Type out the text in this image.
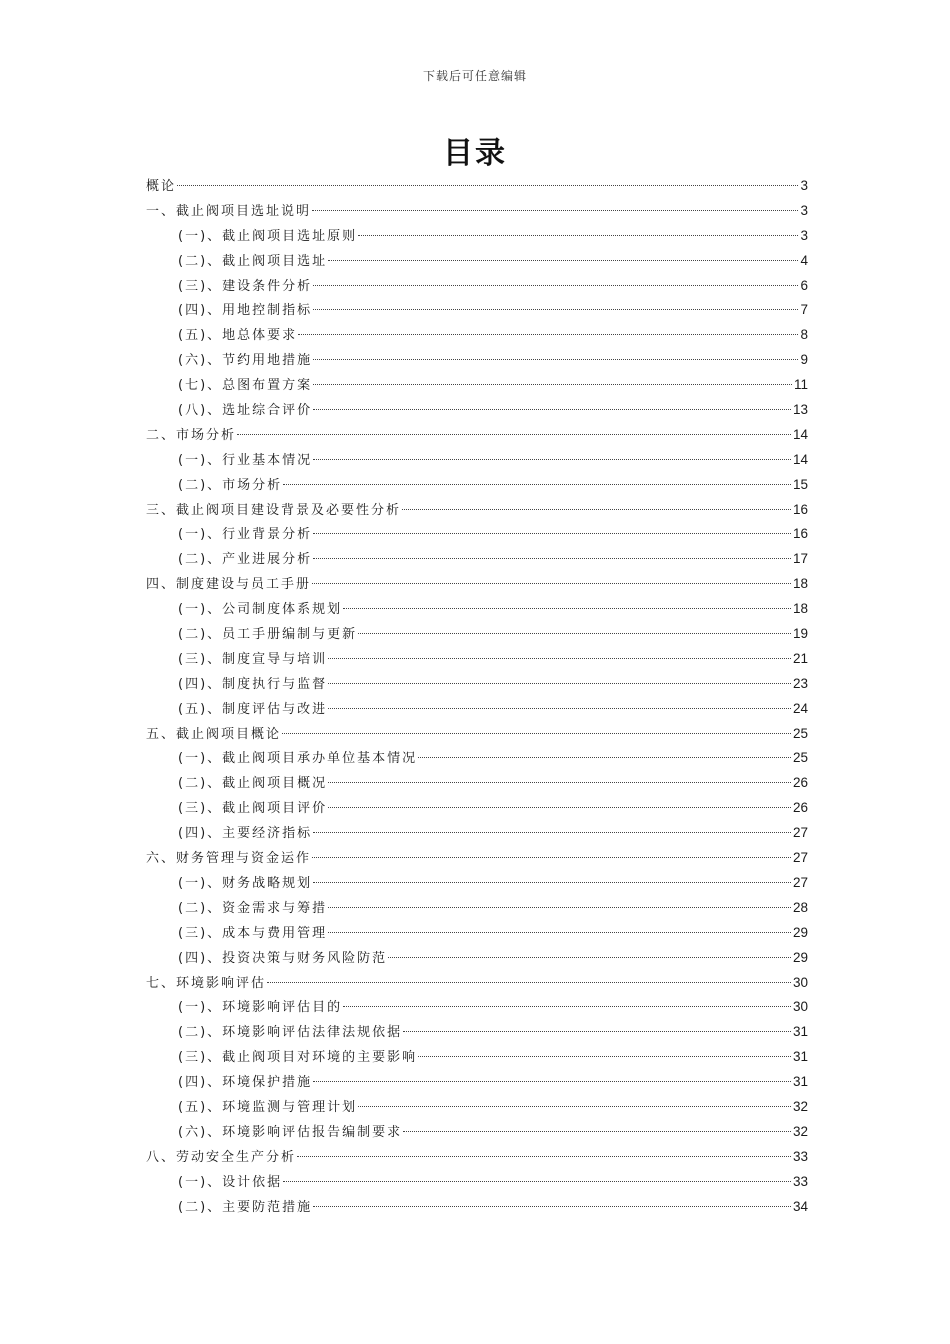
下载后可任意编辑
目录
概论	3
一、截止阀项目选址说明	3
(一)、截止阀项目选址原则	3
(二)、截止阀项目选址	4
(三)、建设条件分析	6
(四)、用地控制指标	7
(五)、地总体要求	8
(六)、节约用地措施	9
(七)、总图布置方案	11
(八)、选址综合评价	13
二、市场分析	14
(一)、行业基本情况	14
(二)、市场分析	15
三、截止阀项目建设背景及必要性分析	16
(一)、行业背景分析	16
(二)、产业进展分析	17
四、制度建设与员工手册	18
(一)、公司制度体系规划	18
(二)、员工手册编制与更新	19
(三)、制度宣导与培训	21
(四)、制度执行与监督	23
(五)、制度评估与改进	24
五、截止阀项目概论	25
(一)、截止阀项目承办单位基本情况	25
(二)、截止阀项目概况	26
(三)、截止阀项目评价	26
(四)、主要经济指标	27
六、财务管理与资金运作	27
(一)、财务战略规划	27
(二)、资金需求与筹措	28
(三)、成本与费用管理	29
(四)、投资决策与财务风险防范	29
七、环境影响评估	30
(一)、环境影响评估目的	30
(二)、环境影响评估法律法规依据	31
(三)、截止阀项目对环境的主要影响	31
(四)、环境保护措施	31
(五)、环境监测与管理计划	32
(六)、环境影响评估报告编制要求	32
八、劳动安全生产分析	33
(一)、设计依据	33
(二)、主要防范措施	34
